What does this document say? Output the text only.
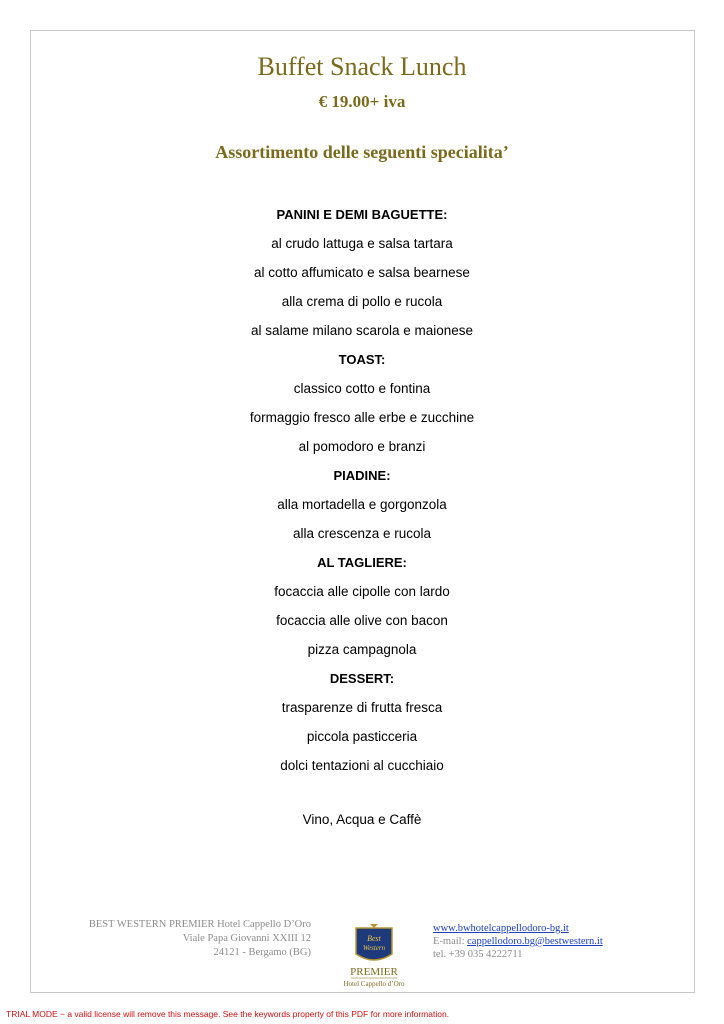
Buffet Snack Lunch
€ 19.00+ iva
Assortimento delle seguenti specialita’
PANINI E DEMI BAGUETTE:
al crudo lattuga e salsa tartara
al cotto affumicato e salsa bearnese
alla crema di pollo e rucola
al salame milano scarola e maionese
TOAST:
classico cotto e fontina
formaggio fresco alle erbe e zucchine
al pomodoro e branzi
PIADINE:
alla mortadella e gorgonzola
alla crescenza e rucola
AL TAGLIERE:
focaccia alle cipolle con lardo
focaccia alle olive con bacon
pizza campagnola
DESSERT:
trasparenze di frutta fresca
piccola pasticceria
dolci tentazioni al cucchiaio
Vino, Acqua e Caffè
BEST WESTERN PREMIER Hotel Cappello D’Oro
Viale Papa Giovanni XXIII 12
24121 - Bergamo (BG)
Best
Western
PREMIER
Hotel Cappello d’Oro
www.bwhotelcappellodoro-bg.it
E-mail: cappellodoro.bg@bestwestern.it
tel. +39 035 4222711
TRIAL MODE − a valid license will remove this message. See the keywords property of this PDF for more information.
